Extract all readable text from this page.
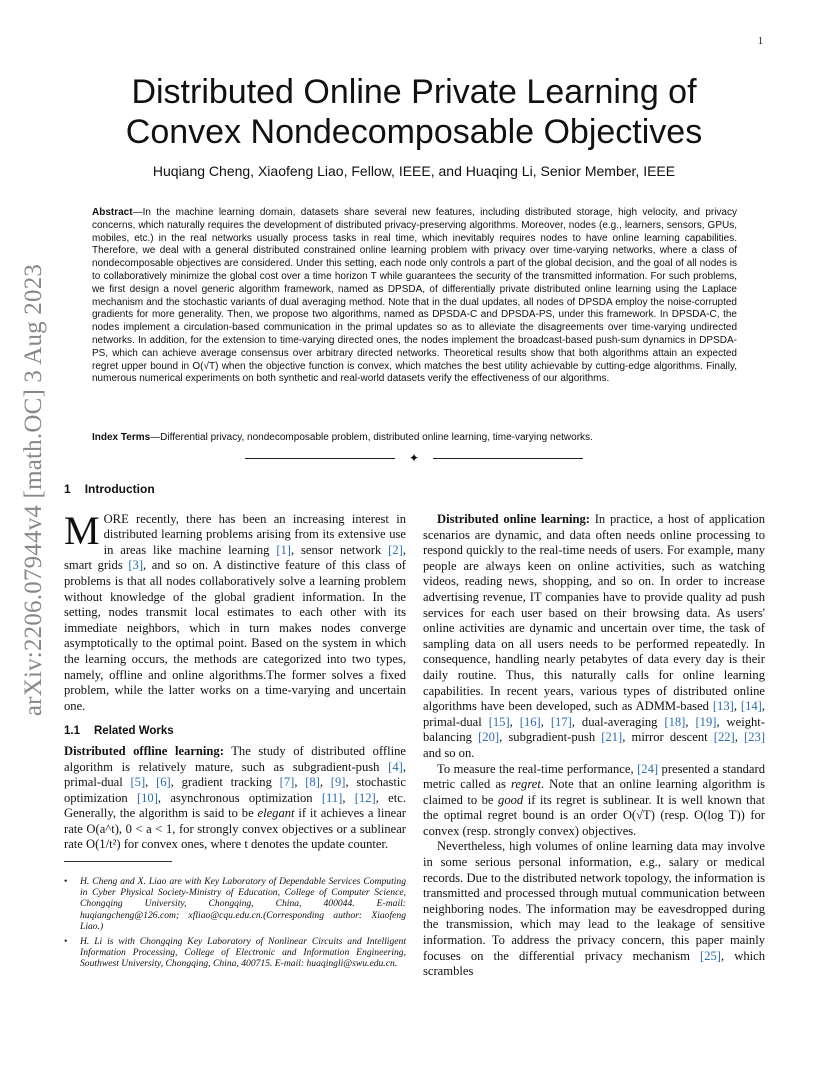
1
arXiv:2206.07944v4 [math.OC] 3 Aug 2023
Distributed Online Private Learning of Convex Nondecomposable Objectives
Huqiang Cheng, Xiaofeng Liao, Fellow, IEEE, and Huaqing Li, Senior Member, IEEE

Abstract—In the machine learning domain, datasets share several new features, including distributed storage, high velocity, and privacy concerns, which naturally requires the development of distributed privacy-preserving algorithms. Moreover, nodes (e.g., learners, sensors, GPUs, mobiles, etc.) in the real networks usually process tasks in real time, which inevitably requires nodes to have online learning capabilities. Therefore, we deal with a general distributed constrained online learning problem with privacy over time-varying networks, where a class of nondecomposable objectives are considered. Under this setting, each node only controls a part of the global decision, and the goal of all nodes is to collaboratively minimize the global cost over a time horizon T while guarantees the security of the transmitted information. For such problems, we first design a novel generic algorithm framework, named as DPSDA, of differentially private distributed online learning using the Laplace mechanism and the stochastic variants of dual averaging method. Note that in the dual updates, all nodes of DPSDA employ the noise-corrupted gradients for more generality. Then, we propose two algorithms, named as DPSDA-C and DPSDA-PS, under this framework. In DPSDA-C, the nodes implement a circulation-based communication in the primal updates so as to alleviate the disagreements over time-varying undirected networks. In addition, for the extension to time-varying directed ones, the nodes implement the broadcast-based push-sum dynamics in DPSDA-PS, which can achieve average consensus over arbitrary directed networks. Theoretical results show that both algorithms attain an expected regret upper bound in O(√T) when the objective function is convex, which matches the best utility achievable by cutting-edge algorithms. Finally, numerous numerical experiments on both synthetic and real-world datasets verify the effectiveness of our algorithms.

Index Terms—Differential privacy, nondecomposable problem, distributed online learning, time-varying networks.

✦
1 Introduction

MORE recently, there has been an increasing interest in distributed learning problems arising from its extensive use in areas like machine learning [1], sensor network [2], smart grids [3], and so on. A distinctive feature of this class of problems is that all nodes collaboratively solve a learning problem without knowledge of the global gradient information. In the setting, nodes transmit local estimates to each other with its immediate neighbors, which in turn makes nodes converge asymptotically to the optimal point. Based on the system in which the learning occurs, the methods are categorized into two types, namely, offline and online algorithms.The former solves a fixed problem, while the latter works on a time-varying and uncertain one.

1.1 Related Works

Distributed offline learning: The study of distributed offline algorithm is relatively mature, such as subgradient-push [4], primal-dual [5], [6], gradient tracking [7], [8], [9], stochastic optimization [10], asynchronous optimization [11], [12], etc. Generally, the algorithm is said to be elegant if it achieves a linear rate O(a^t), 0 < a < 1, for strongly convex objectives or a sublinear rate O(1/t²) for convex ones, where t denotes the update counter.

•	H. Cheng and X. Liao are with Key Laboratory of Dependable Services Computing in Cyber Physical Society-Ministry of Education, College of Computer Science, Chongqing University, Chongqing, China, 400044. E-mail: huqiangcheng@126.com; xfliao@cqu.edu.cn.(Corresponding author: Xiaofeng Liao.)
•	H. Li is with Chongqing Key Laboratory of Nonlinear Circuits and Intelligent Information Processing, College of Electronic and Information Engineering, Southwest University, Chongqing, China, 400715. E-mail: huaqingli@swu.edu.cn.

Distributed online learning: In practice, a host of application scenarios are dynamic, and data often needs online processing to respond quickly to the real-time needs of users. For example, many people are always keen on online activities, such as watching videos, reading news, shopping, and so on. In order to increase advertising revenue, IT companies have to provide quality ad push services for each user based on their browsing data. As users' online activities are dynamic and uncertain over time, the task of sampling data on all users needs to be performed repeatedly. In consequence, handling nearly petabytes of data every day is their daily routine. Thus, this naturally calls for online learning capabilities. In recent years, various types of distributed online algorithms have been developed, such as ADMM-based [13], [14], primal-dual [15], [16], [17], dual-averaging [18], [19], weight-balancing [20], subgradient-push [21], mirror descent [22], [23] and so on.

To measure the real-time performance, [24] presented a standard metric called as regret. Note that an online learning algorithm is claimed to be good if its regret is sublinear. It is well known that the optimal regret bound is an order O(√T) (resp. O(log T)) for convex (resp. strongly convex) objectives.

Nevertheless, high volumes of online learning data may involve in some serious personal information, e.g., salary or medical records. Due to the distributed network topology, the information is transmitted and processed through mutual communication between neighboring nodes. The information may be eavesdropped during the transmission, which may lead to the leakage of sensitive information. To address the privacy concern, this paper mainly focuses on the differential privacy mechanism [25], which scrambles
